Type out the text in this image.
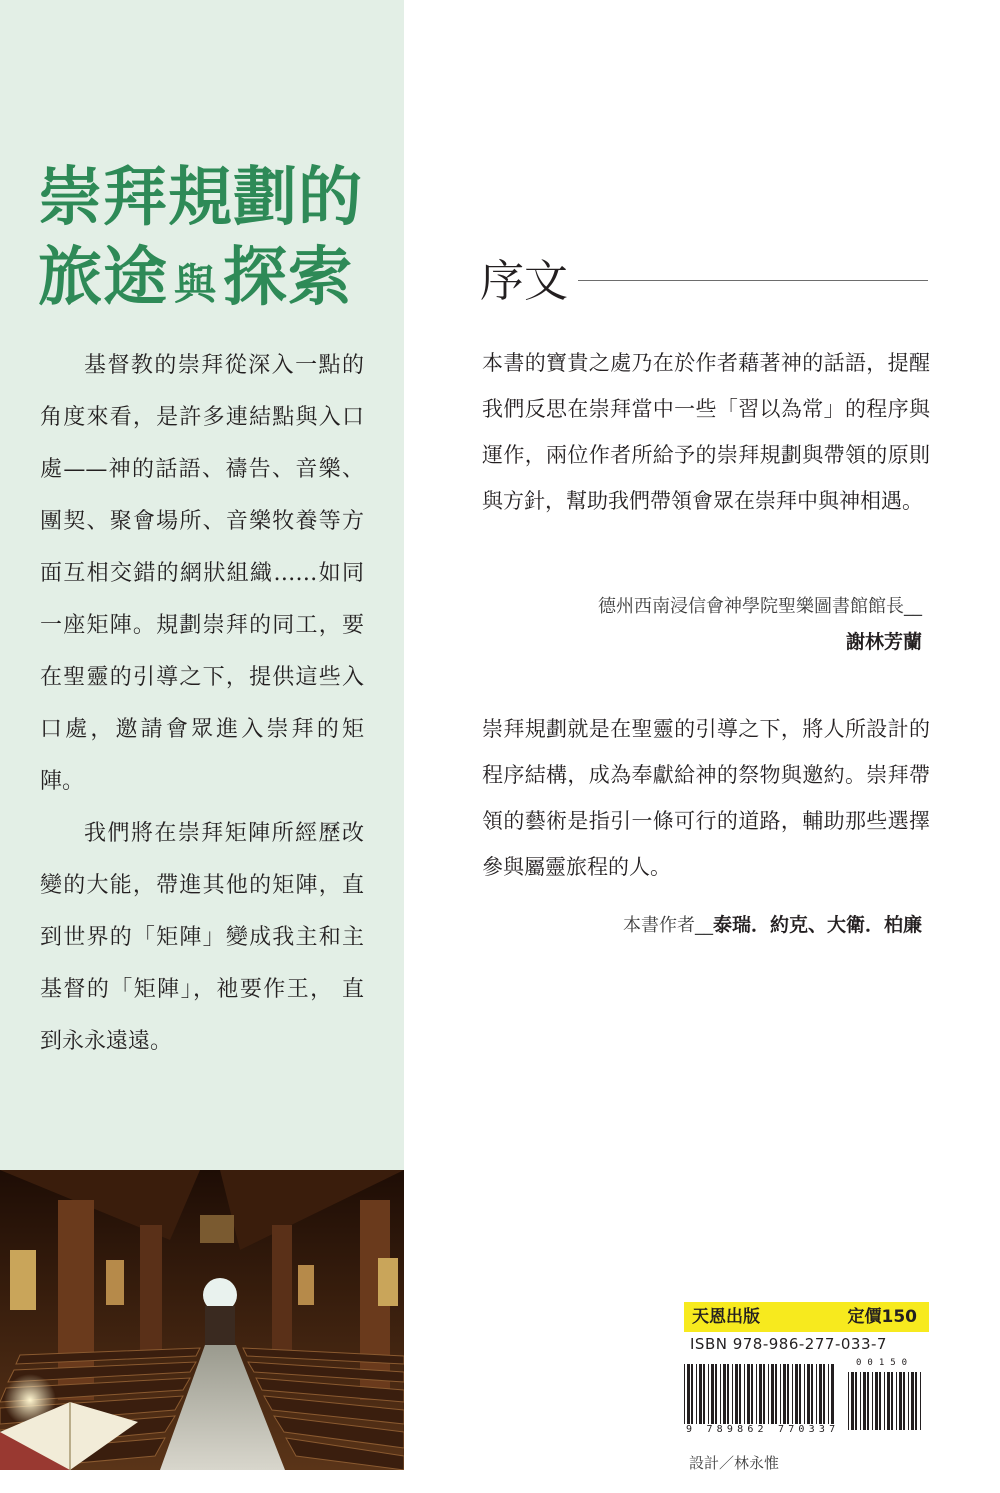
崇拜規劃的
旅途 與探索

基督教的崇拜從深入一點的角度來看，是許多連結點與入口處——神的話語、禱告、音樂、團契、聚會場所、音樂牧養等方面互相交錯的網狀組織……如同一座矩陣。規劃崇拜的同工，要在聖靈的引導之下，提供這些入口處，邀請會眾進入崇拜的矩陣。

我們將在崇拜矩陣所經歷改變的大能，帶進其他的矩陣，直到世界的「矩陣」變成我主和主基督的「矩陣」，祂要作王， 直到永永遠遠。

序文

本書的寶貴之處乃在於作者藉著神的話語，提醒我們反思在崇拜當中一些「習以為常」的程序與運作，兩位作者所給予的崇拜規劃與帶領的原則與方針，幫助我們帶領會眾在崇拜中與神相遇。

德州西南浸信會神學院聖樂圖書館館長__
謝林芳蘭

崇拜規劃就是在聖靈的引導之下，將人所設計的程序結構，成為奉獻給神的祭物與邀約。崇拜帶領的藝術是指引一條可行的道路，輔助那些選擇參與屬靈旅程的人。

本書作者__泰瑞．約克、大衛．柏廉
天恩出版	定價150
ISBN 978-986-277-033-7
00150
9 789862 770337
設計／林永惟
